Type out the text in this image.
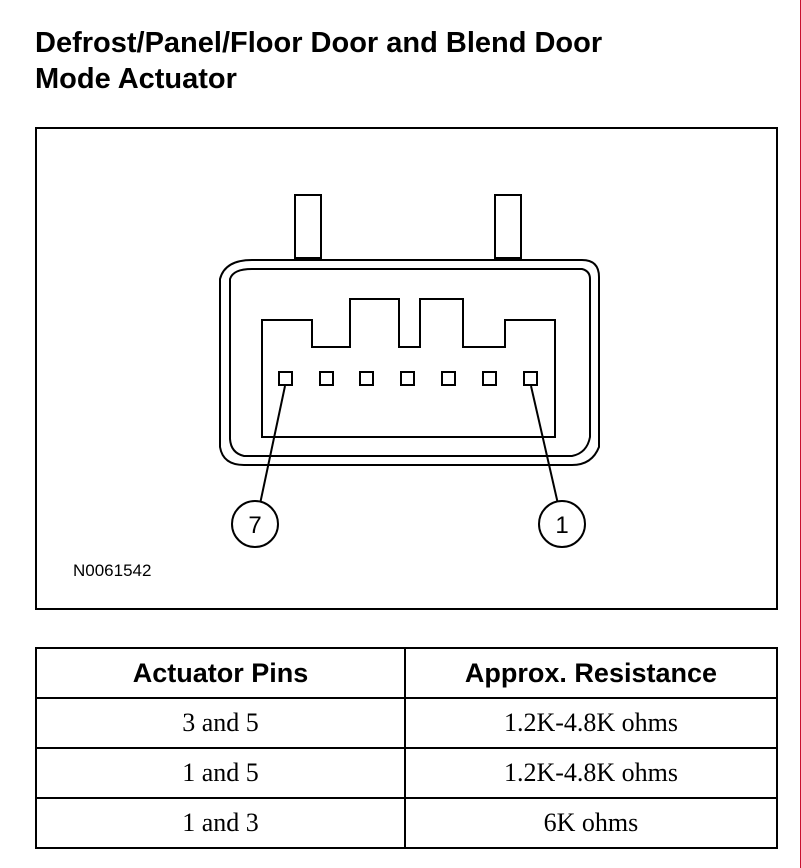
Defrost/Panel/Floor Door and Blend Door
Mode Actuator
7	1
N0061542
Actuator Pins	Approx. Resistance
3 and 5	1.2K-4.8K ohms
1 and 5	1.2K-4.8K ohms
1 and 3	6K ohms
